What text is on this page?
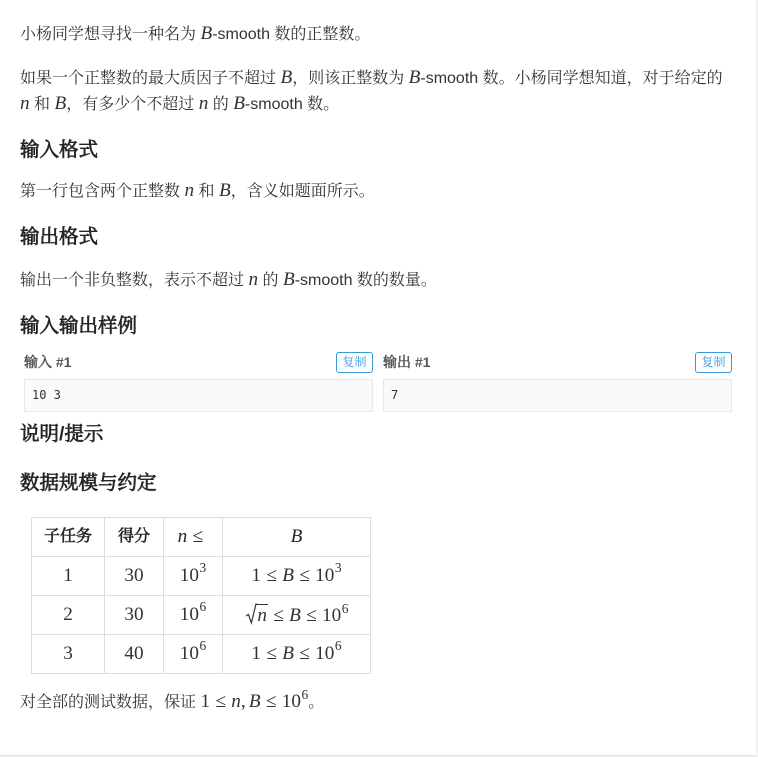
小杨同学想寻找一种名为 B-smooth 数的正整数。

如果一个正整数的最大质因子不超过 B，则该正整数为 B-smooth 数。小杨同学想知道，对于给定的 n 和 B，有多少个不超过 n 的 B-smooth 数。

输入格式

第一行包含两个正整数 n 和 B，含义如题面所示。

输出格式

输出一个非负整数，表示不超过 n 的 B-smooth 数的数量。

输入输出样例
输入 #1	复制
10 3
输出 #1	复制
7
说明/提示
数据规模与约定
子任务	得分	n ≤	B
1	30	$10^3$	$1 \le B \le 10^3$
2	30	$10^6$	$n \le B \le 10^6$
3	40	$10^6$	$1 \le B \le 10^6$

对全部的测试数据，保证 1 ≤ n, $B \le 10^6$。
